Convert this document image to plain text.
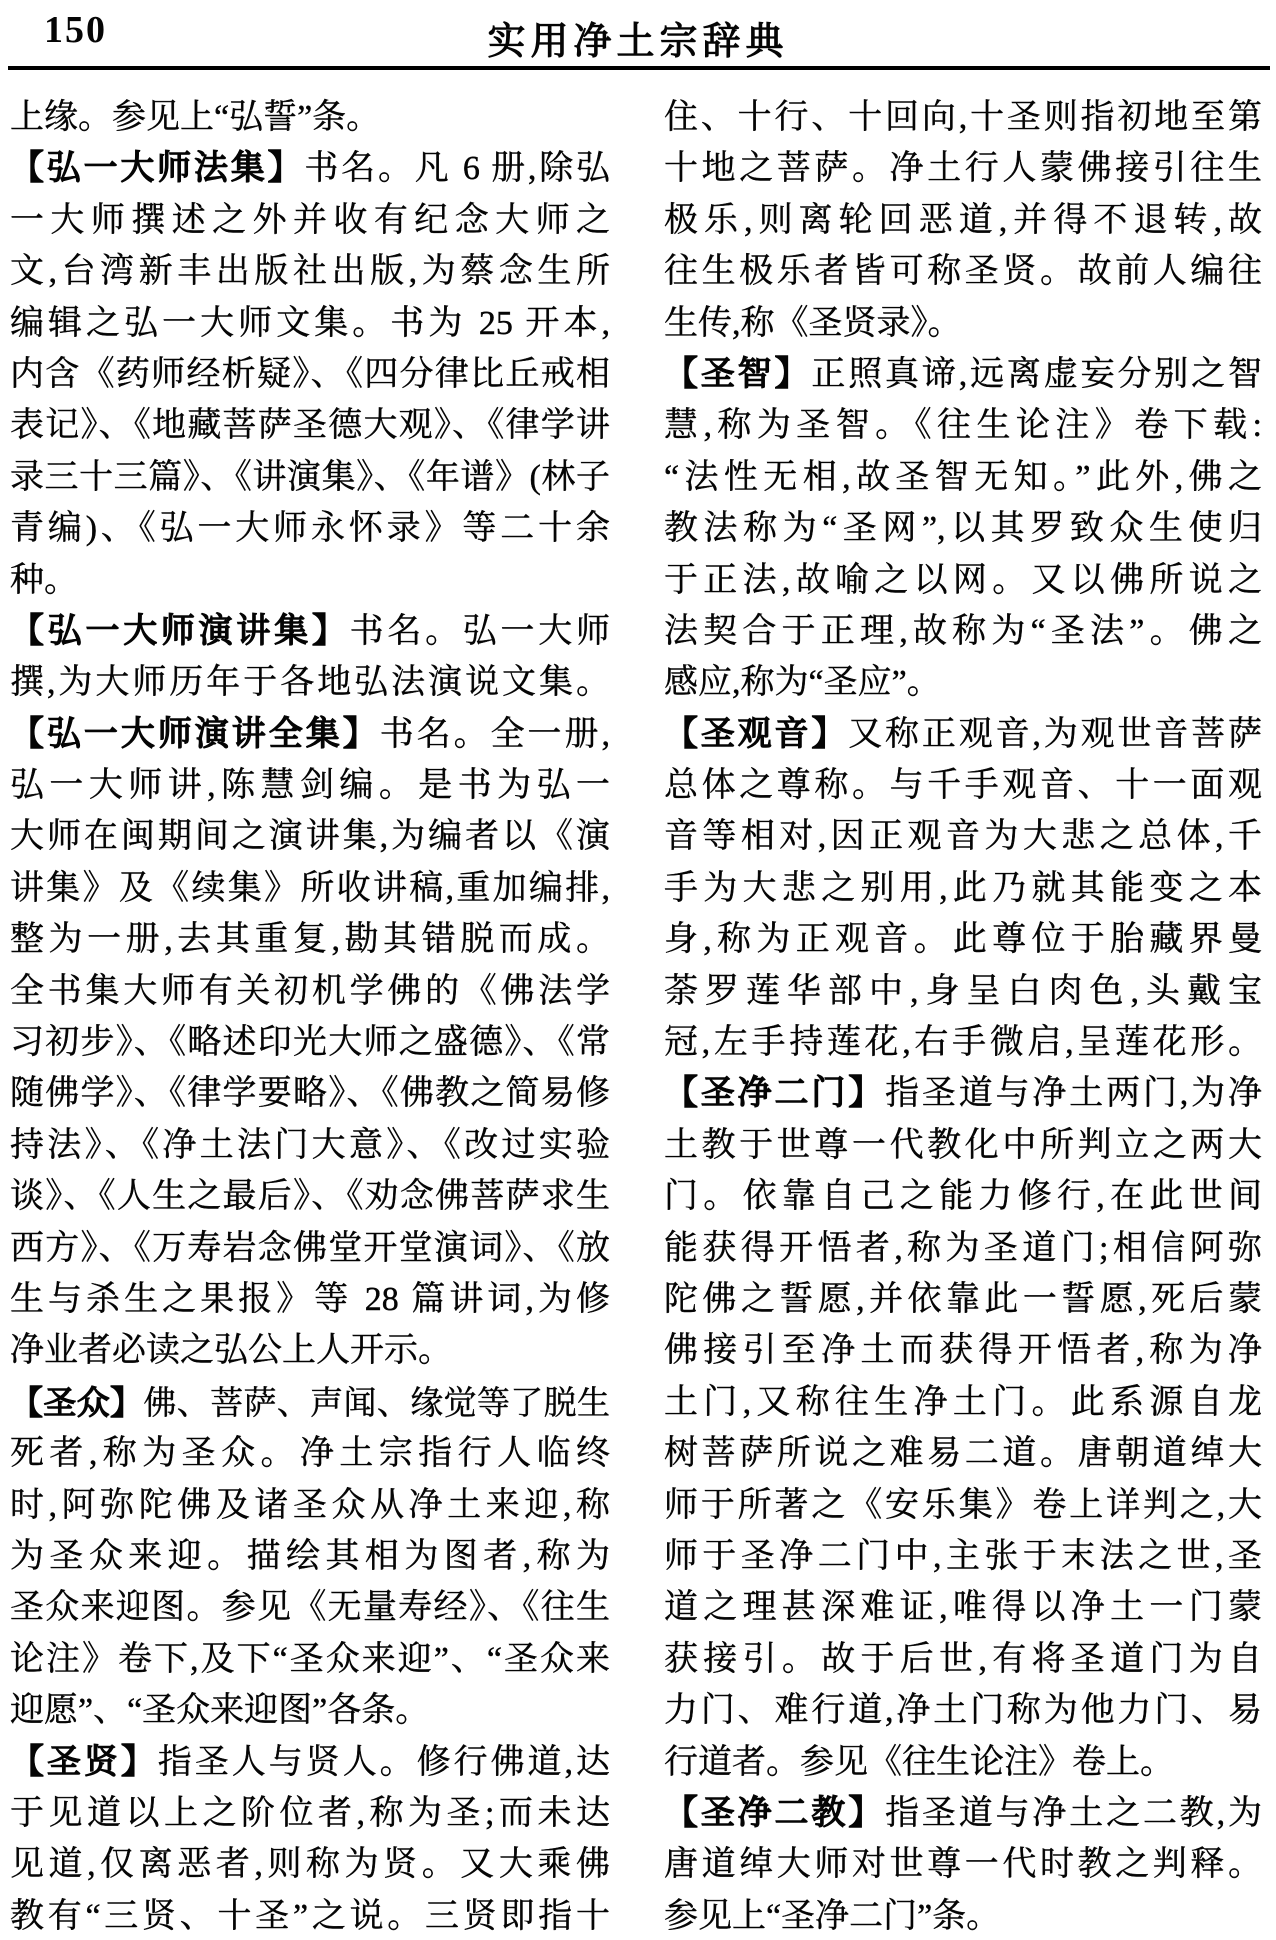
150	实用净土宗辞典
上缘。参见上“弘誓”条。
【弘一大师法集】书名。凡 6 册,除弘
一大师撰述之外并收有纪念大师之
文,台湾新丰出版社出版,为蔡念生所
编辑之弘一大师文集。书为 25 开本,
内含《药师经析疑》、《四分律比丘戒相
表记》、《地藏菩萨圣德大观》、《律学讲
录三十三篇》、《讲演集》、《年谱》(林子
青编)、《弘一大师永怀录》等二十余
种。
【弘一大师演讲集】书名。弘一大师
撰,为大师历年于各地弘法演说文集。
【弘一大师演讲全集】书名。全一册,
弘一大师讲,陈慧剑编。是书为弘一
大师在闽期间之演讲集,为编者以《演
讲集》及《续集》所收讲稿,重加编排,
整为一册,去其重复,勘其错脱而成。
全书集大师有关初机学佛的《佛法学
习初步》、《略述印光大师之盛德》、《常
随佛学》、《律学要略》、《佛教之简易修
持法》、《净土法门大意》、《改过实验
谈》、《人生之最后》、《劝念佛菩萨求生
西方》、《万寿岩念佛堂开堂演词》、《放
生与杀生之果报》等 28 篇讲词,为修
净业者必读之弘公上人开示。
【圣众】佛、菩萨、声闻、缘觉等了脱生
死者,称为圣众。净土宗指行人临终
时,阿弥陀佛及诸圣众从净土来迎,称
为圣众来迎。描绘其相为图者,称为
圣众来迎图。参见《无量寿经》、《往生
论注》卷下,及下“圣众来迎”、“圣众来
迎愿”、“圣众来迎图”各条。
【圣贤】指圣人与贤人。修行佛道,达
于见道以上之阶位者,称为圣;而未达
见道,仅离恶者,则称为贤。又大乘佛
教有“三贤、十圣”之说。三贤即指十
住、十行、十回向,十圣则指初地至第
十地之菩萨。净土行人蒙佛接引往生
极乐,则离轮回恶道,并得不退转,故
往生极乐者皆可称圣贤。故前人编往
生传,称《圣贤录》。
【圣智】正照真谛,远离虚妄分别之智
慧,称为圣智。《往生论注》卷下载:
“法性无相,故圣智无知。”此外,佛之
教法称为“圣网”,以其罗致众生使归
于正法,故喻之以网。又以佛所说之
法契合于正理,故称为“圣法”。佛之
感应,称为“圣应”。
【圣观音】又称正观音,为观世音菩萨
总体之尊称。与千手观音、十一面观
音等相对,因正观音为大悲之总体,千
手为大悲之别用,此乃就其能变之本
身,称为正观音。此尊位于胎藏界曼
荼罗莲华部中,身呈白肉色,头戴宝
冠,左手持莲花,右手微启,呈莲花形。
【圣净二门】指圣道与净土两门,为净
土教于世尊一代教化中所判立之两大
门。依靠自己之能力修行,在此世间
能获得开悟者,称为圣道门;相信阿弥
陀佛之誓愿,并依靠此一誓愿,死后蒙
佛接引至净土而获得开悟者,称为净
土门,又称往生净土门。此系源自龙
树菩萨所说之难易二道。唐朝道绰大
师于所著之《安乐集》卷上详判之,大
师于圣净二门中,主张于末法之世,圣
道之理甚深难证,唯得以净土一门蒙
获接引。故于后世,有将圣道门为自
力门、难行道,净土门称为他力门、易
行道者。参见《往生论注》卷上。
【圣净二教】指圣道与净土之二教,为
唐道绰大师对世尊一代时教之判释。
参见上“圣净二门”条。
